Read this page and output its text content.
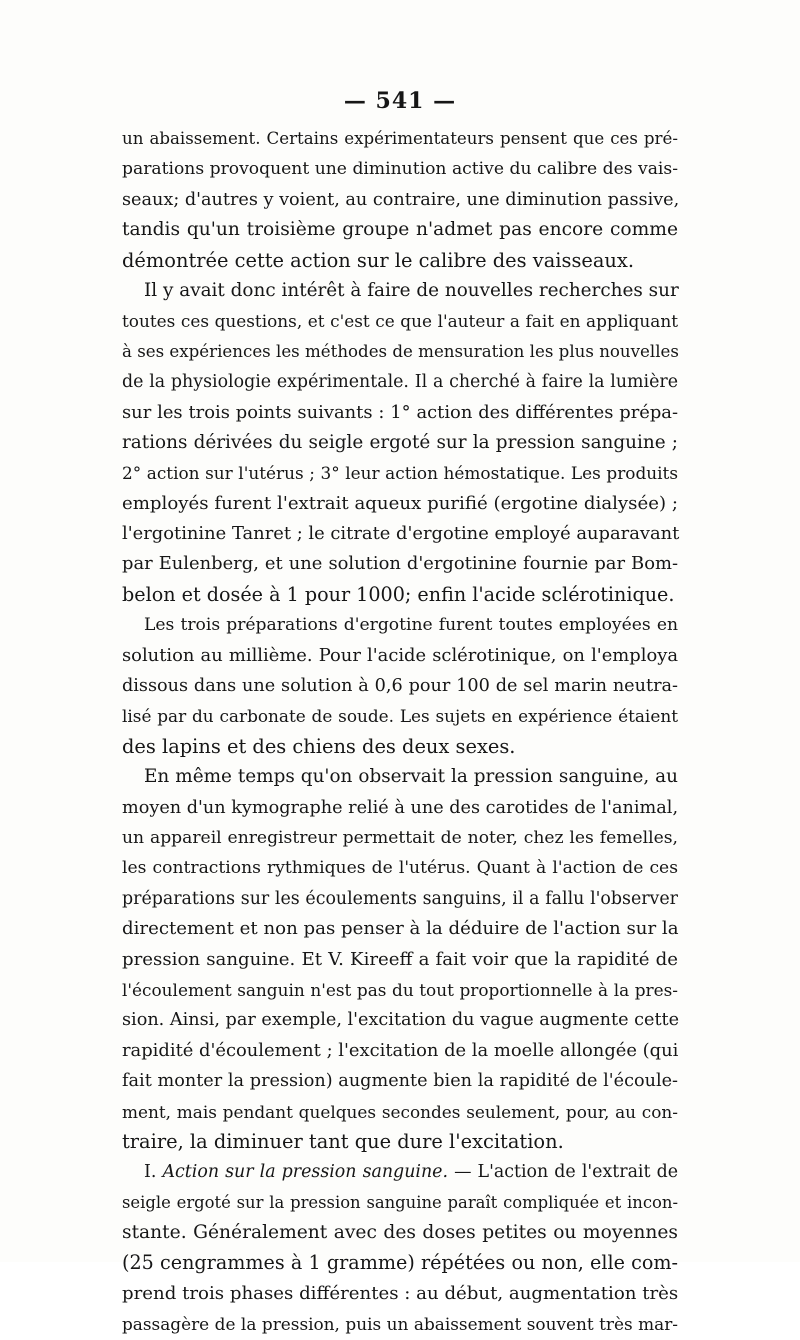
— 541 —
un abaissement. Certains expérimentateurs pensent que ces pré-
parations provoquent une diminution active du calibre des vais-
seaux; d'autres y voient, au contraire, une diminution passive,
tandis qu'un troisième groupe n'admet pas encore comme
démontrée cette action sur le calibre des vaisseaux.
Il y avait donc intérêt à faire de nouvelles recherches sur
toutes ces questions, et c'est ce que l'auteur a fait en appliquant
à ses expériences les méthodes de mensuration les plus nouvelles
de la physiologie expérimentale. Il a cherché à faire la lumière
sur les trois points suivants : 1° action des différentes prépa-
rations dérivées du seigle ergoté sur la pression sanguine ;
2° action sur l'utérus ; 3° leur action hémostatique. Les produits
employés furent l'extrait aqueux purifié (ergotine dialysée) ;
l'ergotinine Tanret ; le citrate d'ergotine employé auparavant
par Eulenberg, et une solution d'ergotinine fournie par Bom-
belon et dosée à 1 pour 1000; enfin l'acide sclérotinique.
Les trois préparations d'ergotine furent toutes employées en
solution au millième. Pour l'acide sclérotinique, on l'employa
dissous dans une solution à 0,6 pour 100 de sel marin neutra-
lisé par du carbonate de soude. Les sujets en expérience étaient
des lapins et des chiens des deux sexes.
En même temps qu'on observait la pression sanguine, au
moyen d'un kymographe relié à une des carotides de l'animal,
un appareil enregistreur permettait de noter, chez les femelles,
les contractions rythmiques de l'utérus. Quant à l'action de ces
préparations sur les écoulements sanguins, il a fallu l'observer
directement et non pas penser à la déduire de l'action sur la
pression sanguine. Et V. Kireeff a fait voir que la rapidité de
l'écoulement sanguin n'est pas du tout proportionnelle à la pres-
sion. Ainsi, par exemple, l'excitation du vague augmente cette
rapidité d'écoulement ; l'excitation de la moelle allongée (qui
fait monter la pression) augmente bien la rapidité de l'écoule-
ment, mais pendant quelques secondes seulement, pour, au con-
traire, la diminuer tant que dure l'excitation.
I. Action sur la pression sanguine. — L'action de l'extrait de
seigle ergoté sur la pression sanguine paraît compliquée et incon-
stante. Généralement avec des doses petites ou moyennes
(25 cengrammes à 1 gramme) répétées ou non, elle com-
prend trois phases différentes : au début, augmentation très
passagère de la pression, puis un abaissement souvent très mar-
